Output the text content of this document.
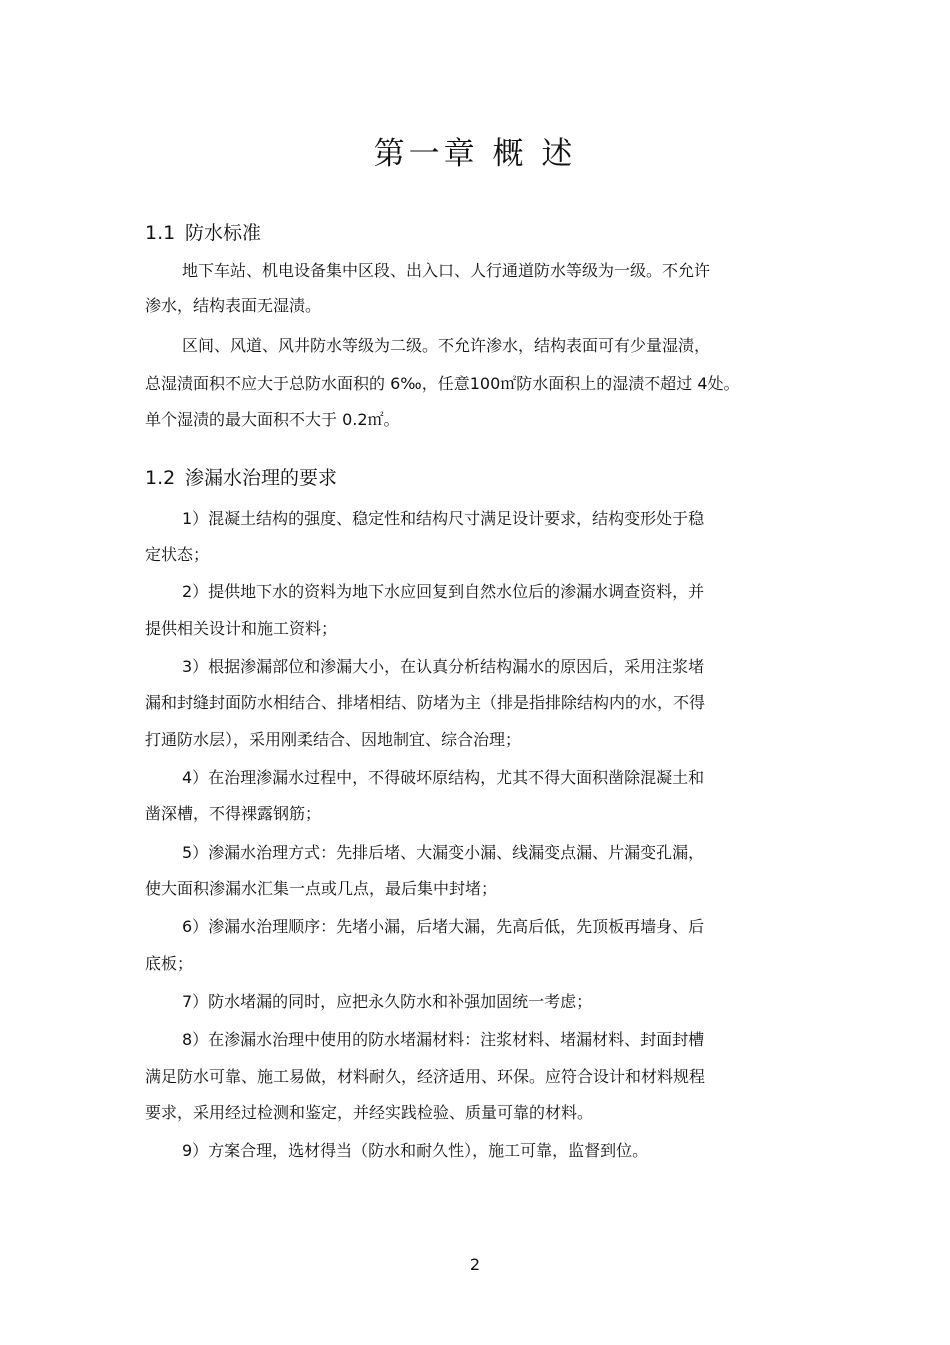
第一章 概 述
1.1 防水标准

地下车站、机电设备集中区段、出入口、人行通道防水等级为一级。不允许

渗水，结构表面无湿渍。

区间、风道、风井防水等级为二级。不允许渗水，结构表面可有少量湿渍，

总湿渍面积不应大于总防水面积的 6‰，任意100㎡防水面积上的湿渍不超过 4处。

单个湿渍的最大面积不大于 0.2㎡。

1.2 渗漏水治理的要求

1）混凝土结构的强度、稳定性和结构尺寸满足设计要求，结构变形处于稳

定状态；

2）提供地下水的资料为地下水应回复到自然水位后的渗漏水调查资料，并

提供相关设计和施工资料；

3）根据渗漏部位和渗漏大小，在认真分析结构漏水的原因后，采用注浆堵

漏和封缝封面防水相结合、排堵相结、防堵为主（排是指排除结构内的水，不得

打通防水层），采用刚柔结合、因地制宜、综合治理；

4）在治理渗漏水过程中，不得破坏原结构，尤其不得大面积凿除混凝土和

凿深槽，不得裸露钢筋；

5）渗漏水治理方式：先排后堵、大漏变小漏、线漏变点漏、片漏变孔漏，

使大面积渗漏水汇集一点或几点，最后集中封堵；

6）渗漏水治理顺序：先堵小漏，后堵大漏，先高后低，先顶板再墙身、后

底板；

7）防水堵漏的同时，应把永久防水和补强加固统一考虑；

8）在渗漏水治理中使用的防水堵漏材料：注浆材料、堵漏材料、封面封槽

满足防水可靠、施工易做，材料耐久，经济适用、环保。应符合设计和材料规程

要求，采用经过检测和鉴定，并经实践检验、质量可靠的材料。

9）方案合理，选材得当（防水和耐久性），施工可靠，监督到位。

2
